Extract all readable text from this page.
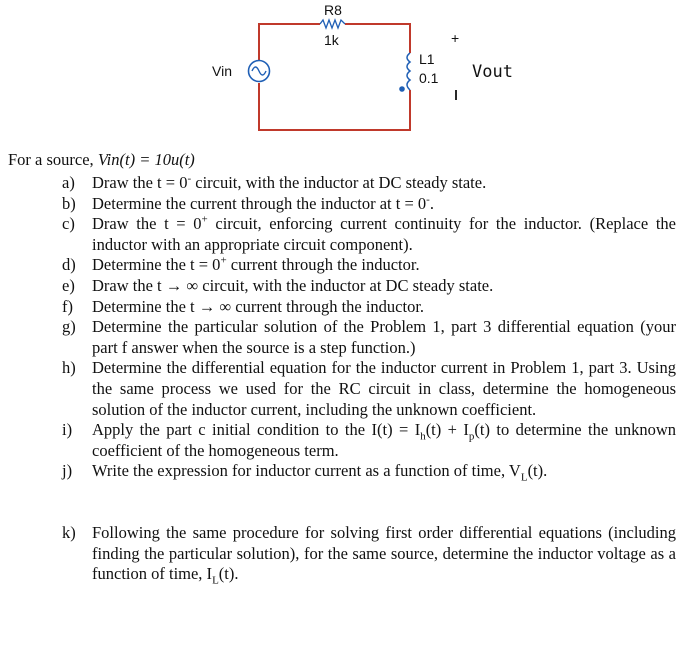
R8
1k
Vin
L1
0.1
+
Vout
For a source, Vin(t) = 10u(t)
a)	Draw the t = 0- circuit, with the inductor at DC steady state.
b) Determine the current through the inductor at t = 0-.
c)	Draw the t = 0+ circuit, enforcing current continuity for the inductor. (Replace the inductor with an appropriate circuit component).
d) Determine the t = 0+ current through the inductor.
e)	Draw the t → ∞ circuit, with the inductor at DC steady state.
f)	Determine the t → ∞ current through the inductor.
g) Determine the particular solution of the Problem 1, part 3 differential equation (your part f answer when the source is a step function.)
h) Determine the differential equation for the inductor current in Problem 1, part 3. Using the same process we used for the RC circuit in class, determine the homogeneous solution of the inductor current, including the unknown coefficient.
i)	Apply the part c initial condition to the $I(t) = I_h(t) + I_p(t)$ to determine the unknown coefficient of the homogeneous term.
j)	Write the expression for inductor current as a function of time, $V_L(t)$.
k) Following the same procedure for solving first order differential equations (including finding the particular solution), for the same source, determine the inductor voltage as a function of time, $I_L(t)$.
